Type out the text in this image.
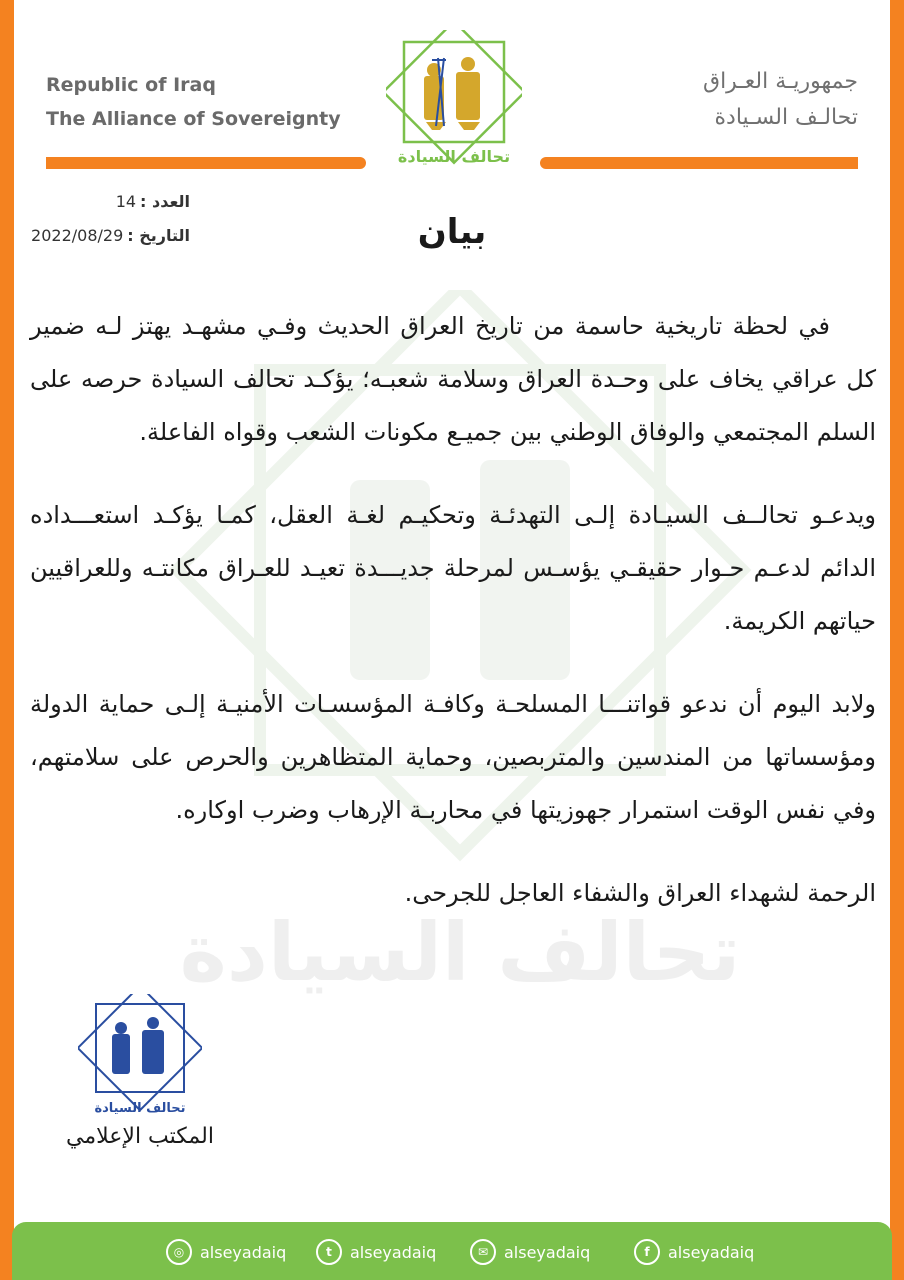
Republic of Iraq
The Alliance of Sovereignty
جمهوريـة العـراق
تحالـف السـيادة
تحالف السيادة
14 العدد :
2022/08/29 التاريخ :	بيان
تحالف السيادة

في لحظة تاريخية حاسمة من تاريخ العراق الحديث وفـي مشهـد يهتز لـه ضمير كل عراقي يخاف على وحـدة العراق وسلامة شعبـه؛ يؤكـد تحالف السيادة حرصه على السلم المجتمعي والوفاق الوطني بين جميـع مكونات الشعب وقواه الفاعلة.

ويدعـو تحالــف السيـادة إلـى التهدئـة وتحكيـم لغـة العقل، كمـا يؤكـد استعـــداده الدائم لدعـم حـوار حقيقـي يؤسـس لمرحلة جديـــدة تعيـد للعـراق مكانتـه وللعراقيين حياتهم الكريمة.

ولابد اليوم أن ندعو قواتنـــا المسلحـة وكافـة المؤسسـات الأمنيـة إلـى حماية الدولة ومؤسساتها من المندسين والمتربصين، وحماية المتظاهرين والحرص على سلامتهم، وفي نفس الوقت استمرار جهوزيتها في محاربـة الإرهاب وضرب اوكاره.

الرحمة لشهداء العراق والشفاء العاجل للجرحى.

تحالف السيادة
المكتب الإعلامي
◎ alseyadaiq	t	alseyadaiq	✉ alseyadaiq	f	alseyadaiq
